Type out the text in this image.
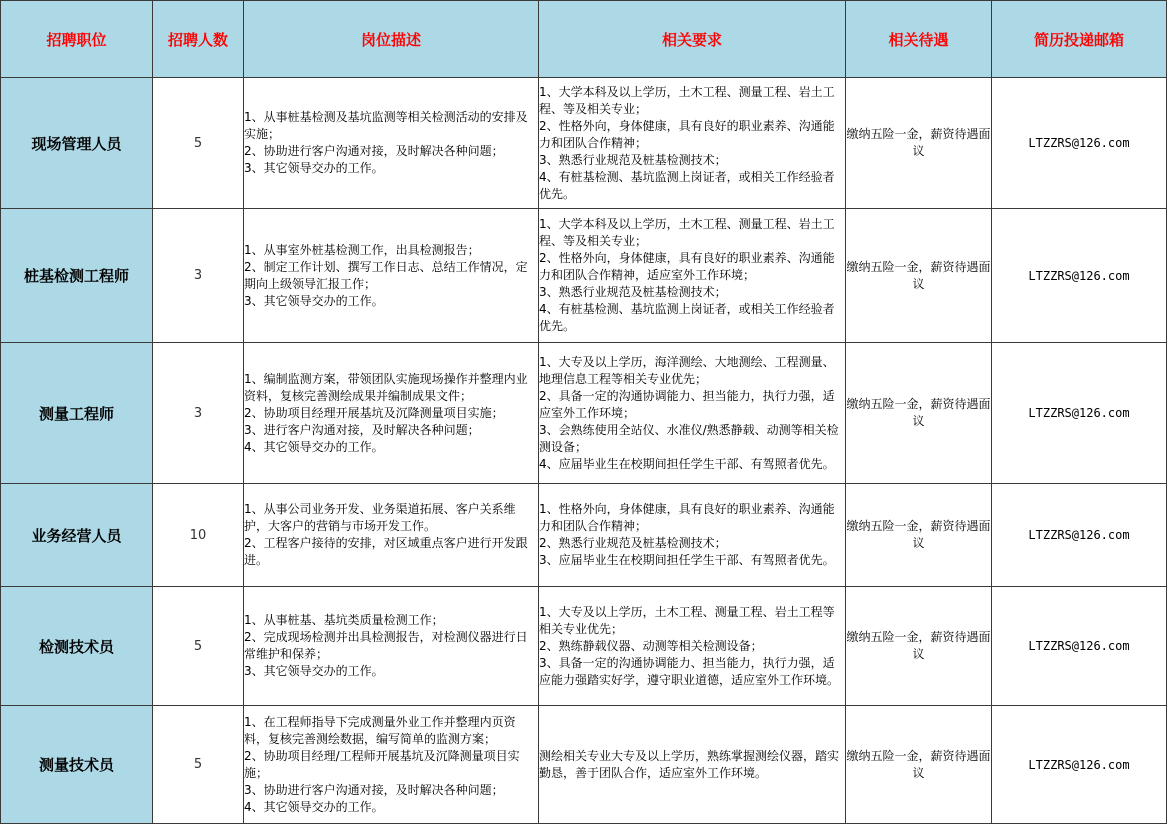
招聘职位	招聘人数	岗位描述	相关要求	相关待遇	简历投递邮箱
现场管理人员	5	1、从事桩基检测及基坑监测等相关检测活动的安排及实施；
2、协助进行客户沟通对接，及时解决各种问题；
3、其它领导交办的工作。	1、大学本科及以上学历，土木工程、测量工程、岩土工程、等及相关专业；
2、性格外向，身体健康，具有良好的职业素养、沟通能力和团队合作精神；
3、熟悉行业规范及桩基检测技术；
4、有桩基检测、基坑监测上岗证者，或相关工作经验者优先。	缴纳五险一金，薪资待遇面议	LTZZRS@126.com
桩基检测工程师	3	1、从事室外桩基检测工作，出具检测报告；
2、制定工作计划、撰写工作日志、总结工作情况，定期向上级领导汇报工作；
3、其它领导交办的工作。	1、大学本科及以上学历，土木工程、测量工程、岩土工程、等及相关专业；
2、性格外向，身体健康，具有良好的职业素养、沟通能力和团队合作精神，适应室外工作环境；
3、熟悉行业规范及桩基检测技术；
4、有桩基检测、基坑监测上岗证者，或相关工作经验者优先。	缴纳五险一金，薪资待遇面议	LTZZRS@126.com
测量工程师	3	1、编制监测方案，带领团队实施现场操作并整理内业资料，复核完善测绘成果并编制成果文件；
2、协助项目经理开展基坑及沉降测量项目实施；
3、进行客户沟通对接，及时解决各种问题；
4、其它领导交办的工作。	1、大专及以上学历，海洋测绘、大地测绘、工程测量、地理信息工程等相关专业优先；
2、具备一定的沟通协调能力、担当能力，执行力强，适应室外工作环境；
3、会熟练使用全站仪、水准仪/熟悉静载、动测等相关检测设备；
4、应届毕业生在校期间担任学生干部、有驾照者优先。	缴纳五险一金，薪资待遇面议	LTZZRS@126.com
业务经营人员	10	1、从事公司业务开发、业务渠道拓展、客户关系维护，大客户的营销与市场开发工作。
2、工程客户接待的安排，对区域重点客户进行开发跟进。	1、性格外向，身体健康，具有良好的职业素养、沟通能力和团队合作精神；
2、熟悉行业规范及桩基检测技术；
3、应届毕业生在校期间担任学生干部、有驾照者优先。	缴纳五险一金，薪资待遇面议	LTZZRS@126.com
检测技术员	5	1、从事桩基、基坑类质量检测工作；
2、完成现场检测并出具检测报告，对检测仪器进行日常维护和保养；
3、其它领导交办的工作。	1、大专及以上学历，土木工程、测量工程、岩土工程等相关专业优先；
2、熟练静载仪器、动测等相关检测设备；
3、具备一定的沟通协调能力、担当能力，执行力强，适应能力强踏实好学，遵守职业道德，适应室外工作环境。	缴纳五险一金，薪资待遇面议	LTZZRS@126.com
测量技术员	5	1、在工程师指导下完成测量外业工作并整理内页资料，复核完善测绘数据，编写简单的监测方案；
2、协助项目经理/工程师开展基坑及沉降测量项目实施；
3、协助进行客户沟通对接，及时解决各种问题；
4、其它领导交办的工作。	测绘相关专业大专及以上学历，熟练掌握测绘仪器，踏实勤恳，善于团队合作，适应室外工作环境。	缴纳五险一金，薪资待遇面议	LTZZRS@126.com
